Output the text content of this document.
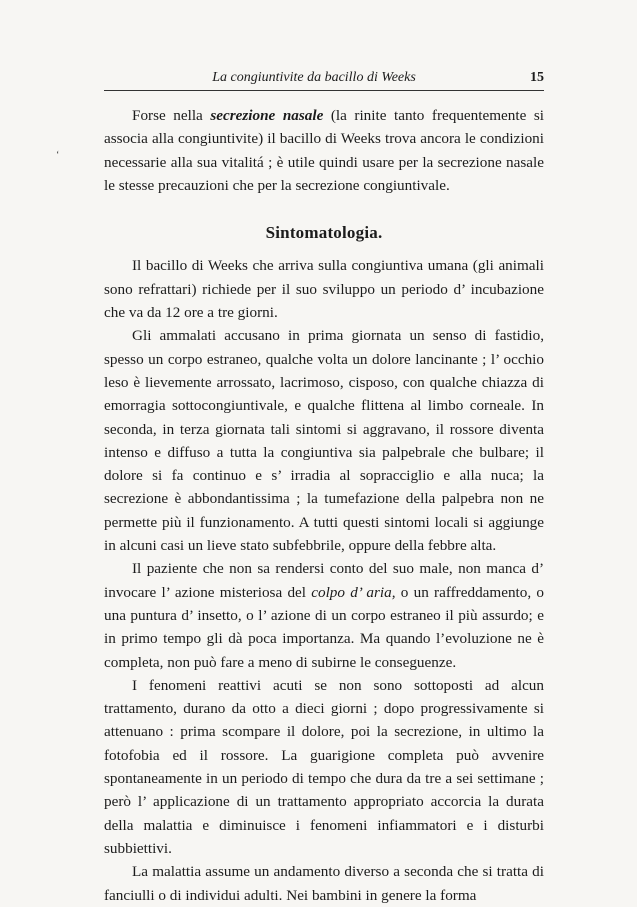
La congiuntivite da bacillo di Weeks	15
‘

Forse nella secrezione nasale (la rinite tanto frequentemente si associa alla congiuntivite) il bacillo di Weeks trova ancora le condizioni necessarie alla sua vitalitá ; è utile quindi usare per la secrezione nasale le stesse precauzioni che per la secrezione congiuntivale.

Sintomatologia.

Il bacillo di Weeks che arriva sulla congiuntiva umana (gli animali sono refrattari) richiede per il suo sviluppo un periodo d’ incubazione che va da 12 ore a tre giorni.

Gli ammalati accusano in prima giornata un senso di fastidio, spesso un corpo estraneo, qualche volta un dolore lancinante ; l’ occhio leso è lievemente arrossato, lacrimoso, cisposo, con qualche chiazza di emorragia sottocongiuntivale, e qualche flittena al limbo corneale. In seconda, in terza giornata tali sintomi si aggravano, il rossore diventa intenso e diffuso a tutta la congiuntiva sia palpebrale che bulbare; il dolore si fa continuo e s’ irradia al sopracciglio e alla nuca; la secrezione è abbondantissima ; la tumefazione della palpebra non ne permette più il funzionamento. A tutti questi sintomi locali si aggiunge in alcuni casi un lieve stato subfebbrile, oppure della febbre alta.

Il paziente che non sa rendersi conto del suo male, non manca d’ invocare l’ azione misteriosa del colpo d’ aria, o un raffreddamento, o una puntura d’ insetto, o l’ azione di un corpo estraneo il più assurdo; e in primo tempo gli dà poca importanza. Ma quando l’evoluzione ne è completa, non può fare a meno di subirne le conseguenze.

I fenomeni reattivi acuti se non sono sottoposti ad alcun trattamento, durano da otto a dieci giorni ; dopo progressivamente si attenuano : prima scompare il dolore, poi la secrezione, in ultimo la fotofobia ed il rossore. La guarigione completa può avvenire spontaneamente in un periodo di tempo che dura da tre a sei settimane ; però l’ applicazione di un trattamento appropriato accorcia la durata della malattia e diminuisce i fenomeni infiammatori e i disturbi subbiettivi.

La malattia assume un andamento diverso a seconda che si tratta di fanciulli o di individui adulti. Nei bambini in genere la forma
